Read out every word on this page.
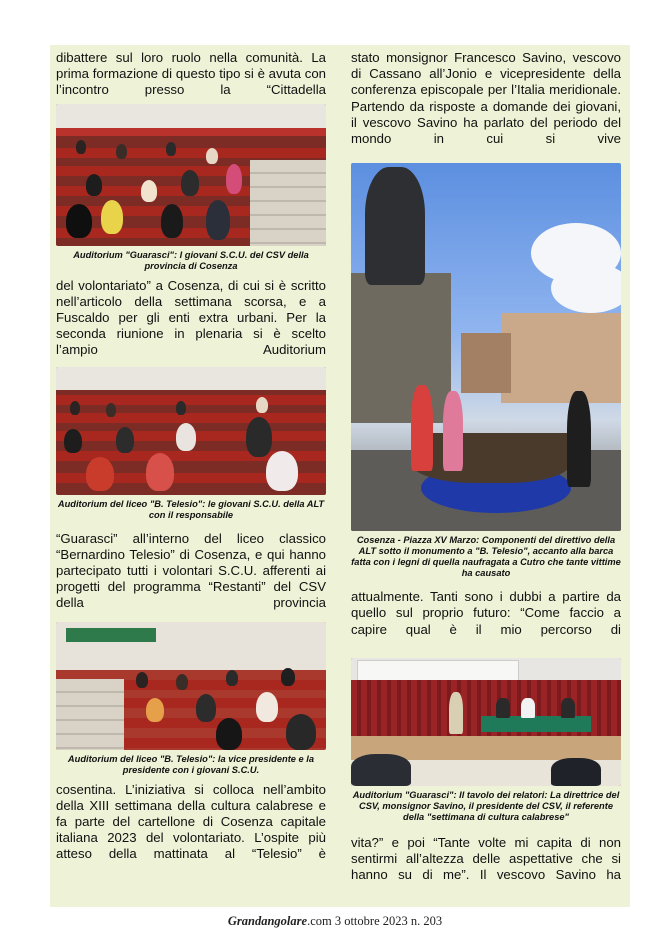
dibattere sul loro ruolo nella comunità. La prima formazione di questo tipo si è avuta con l’incontro presso la “Cittadella

Auditorium "Guarasci": I giovani S.C.U. del CSV della provincia di Cosenza

del volontariato” a Cosenza, di cui si è scritto nell’articolo della settimana scorsa, e a Fuscaldo per gli enti extra urbani. Per la seconda riunione in plenaria si è scelto l’ampio Auditorium

Auditorium del liceo "B. Telesio": le giovani S.C.U. della ALT con il responsabile

“Guarasci” all’interno del liceo classico “Bernardino Telesio” di Cosenza, e qui hanno partecipato tutti i volontari S.C.U. afferenti ai progetti del programma “Restanti” del CSV della provincia

Auditorium del liceo "B. Telesio": la vice presidente e la presidente con i giovani S.C.U.

cosentina. L’iniziativa si colloca nell’ambito della XIII settimana della cultura calabrese e fa parte del cartellone di Cosenza capitale italiana 2023 del volontariato. L’ospite più atteso della mattinata al “Telesio” è

stato monsignor Francesco Savino, vescovo di Cassano all’Jonio e vicepresidente della conferenza episcopale per l’Italia meridionale. Partendo da risposte a domande dei giovani, il vescovo Savino ha parlato del periodo del mondo in cui si vive

Cosenza - Piazza XV Marzo: Componenti del direttivo della ALT sotto il monumento a "B. Telesio", accanto alla barca fatta con i legni di quella naufragata a Cutro che tante vittime ha causato

attualmente. Tanti sono i dubbi a partire da quello sul proprio futuro: “Come faccio a capire qual è il mio percorso di

Auditorium "Guarasci": Il tavolo dei relatori: La direttrice del CSV, monsignor Savino, il presidente del CSV, il referente della "settimana di cultura calabrese"

vita?” e poi “Tante volte mi capita di non sentirmi all’altezza delle aspettative che si hanno su di me”. Il vescovo Savino ha

Grandangolare.com 3 ottobre 2023 n. 203
